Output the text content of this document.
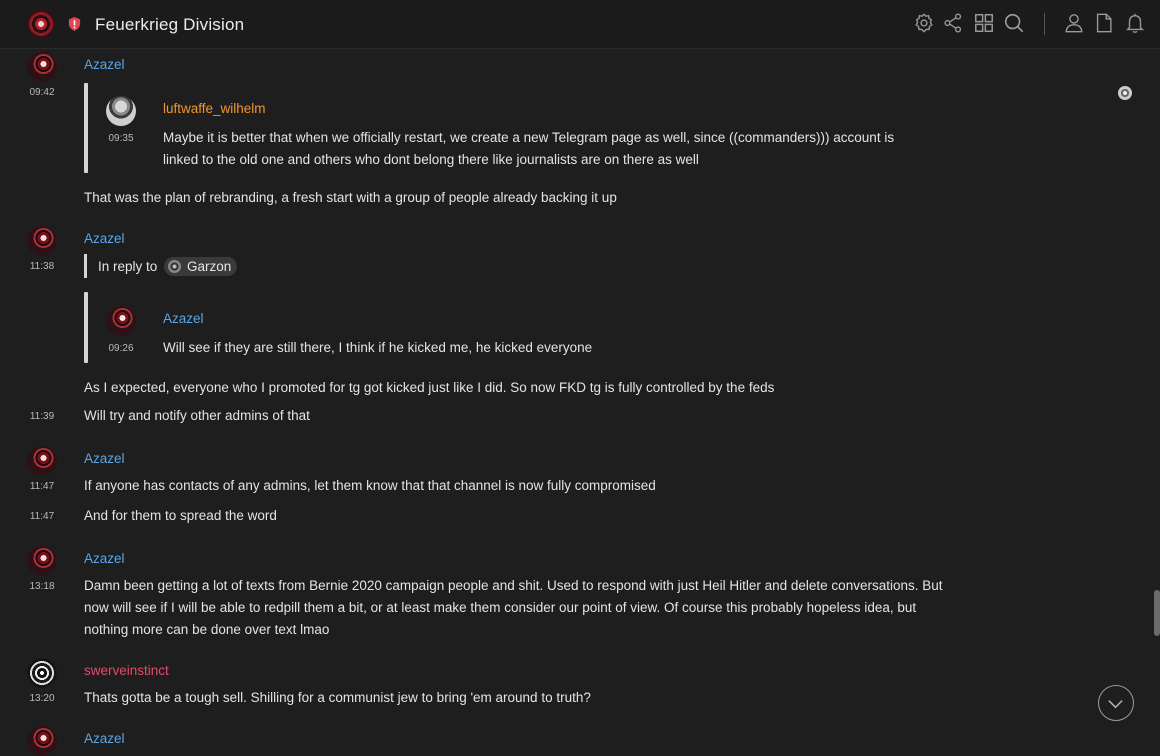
Feuerkrieg Division
Azazel
09:42
luftwaffe_wilhelm
09:35	Maybe it is better that when we officially restart, we create a new Telegram page as well, since ((commanders))) account is
linked to the old one and others who dont belong there like journalists are on there as well
That was the plan of rebranding, a fresh start with a group of people already backing it up
Azazel
11:38	In reply to Garzon
Azazel
09:26	Will see if they are still there, I think if he kicked me, he kicked everyone
As I expected, everyone who I promoted for tg got kicked just like I did. So now FKD tg is fully controlled by the feds
11:39	Will try and notify other admins of that
Azazel
11:47	If anyone has contacts of any admins, let them know that that channel is now fully compromised
11:47	And for them to spread the word
Azazel
13:18	Damn been getting a lot of texts from Bernie 2020 campaign people and shit. Used to respond with just Heil Hitler and delete conversations. But
now will see if I will be able to redpill them a bit, or at least make them consider our point of view. Of course this probably hopeless idea, but
nothing more can be done over text lmao
swerveinstinct
13:20	Thats gotta be a tough sell. Shilling for a communist jew to bring 'em around to truth?
Azazel
